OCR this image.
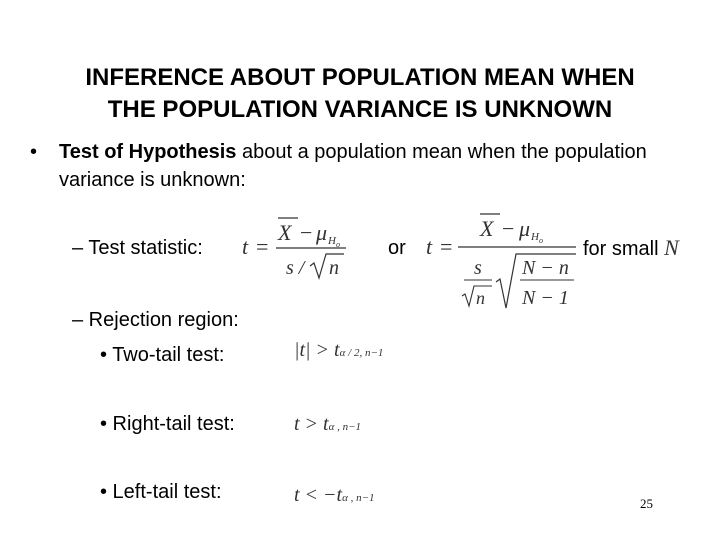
INFERENCE ABOUT POPULATION MEAN WHEN
THE POPULATION VARIANCE IS UNKNOWN
• Test of Hypothesis about a population mean when the population variance is unknown:
– Test statistic: t =
X − μ H o
s / n
or t =
X − μ H o
s
n
N − n
N − 1
for small N
– Rejection region:
• Two-tail test:	|t| > tα / 2, n−1
• Right-tail test:	t > tα , n−1
• Left-tail test:	t < −tα , n−1	25
